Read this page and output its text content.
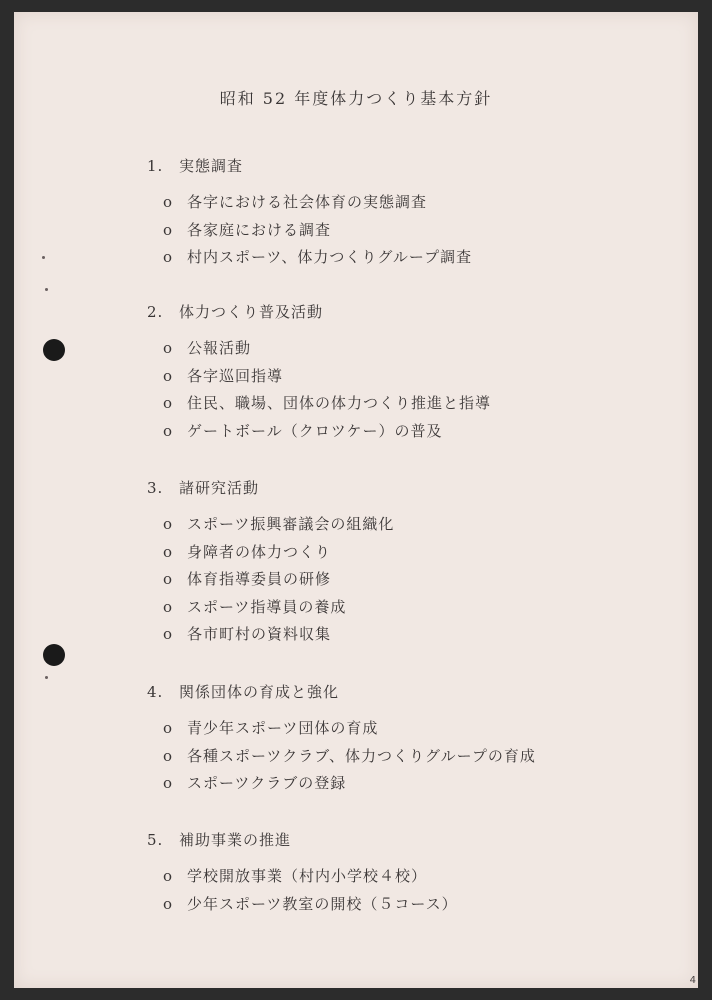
昭和 52 年度体力つくり基本方針
1. 実態調査
o 各字における社会体育の実態調査
o 各家庭における調査
o 村内スポーツ、体力つくりグループ調査
2. 体力つくり普及活動
o 公報活動
o 各字巡回指導
o 住民、職場、団体の体力つくり推進と指導
o ゲートボール（クロツケー）の普及
3. 諸研究活動
o スポーツ振興審議会の組織化
o 身障者の体力つくり
o 体育指導委員の研修
o スポーツ指導員の養成
o 各市町村の資料収集
4. 関係団体の育成と強化
o 青少年スポーツ団体の育成
o 各種スポーツクラブ、体力つくりグループの育成
o スポーツクラブの登録
5. 補助事業の推進
o 学校開放事業（村内小学校４校）
o 少年スポーツ教室の開校（５コース）
4
